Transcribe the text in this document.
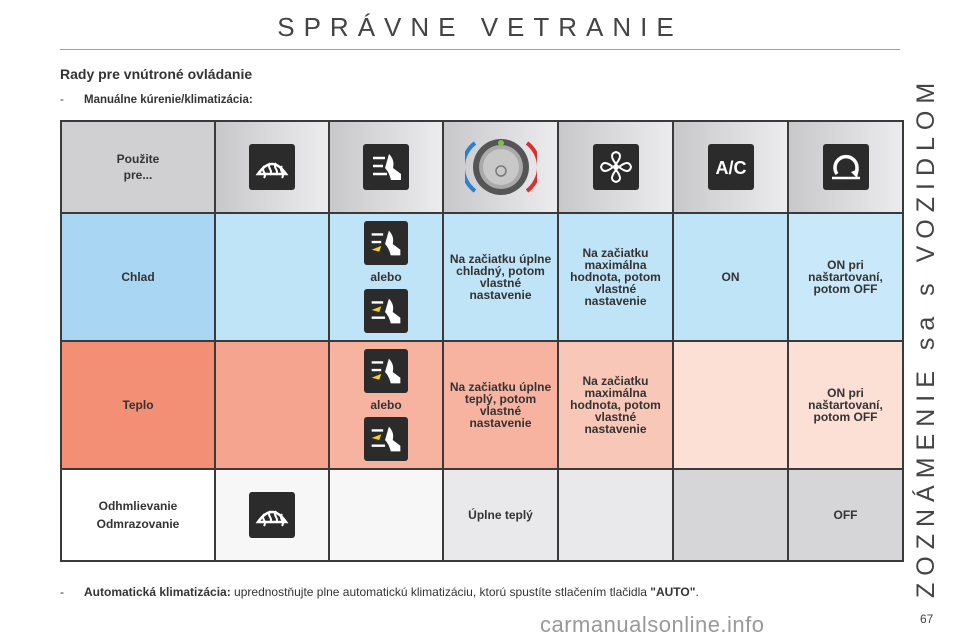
SPRÁVNE VETRANIE
ZOZNÁMENIE sa s VOZIDLOM
Rady pre vnútroné ovládanie
- Manuálne kúrenie/klimatizácia:
Použite
pre...					A/C

Chlad		alebo	Na začiatku úplne chladný, potom vlastné nastavenie	Na začiatku maximálna hodnota, potom vlastné nastavenie	ON	ON pri naštartovaní, potom OFF
Teplo		alebo	Na začiatku úplne teplý, potom vlastné nastavenie	Na začiatku maximálna hodnota, potom vlastné nastavenie		ON pri naštartovaní, potom OFF

Odhmlievanie
Odmrazovanie			Úplne teplý			OFF
- Automatická klimatizácia: uprednostňujte plne automatickú klimatizáciu, ktorú spustíte stlačením tlačidla "AUTO".
carmanualsonline.info	67
